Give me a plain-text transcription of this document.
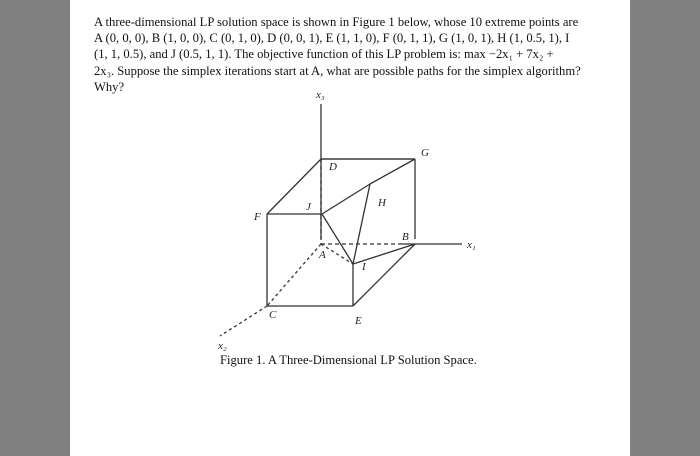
A three-dimensional LP solution space is shown in Figure 1 below, whose 10 extreme points are
A (0, 0, 0), B (1, 0, 0), C (0, 1, 0), D (0, 0, 1), E (1, 1, 0), F (0, 1, 1), G (1, 0, 1), H (1, 0.5, 1), I
(1, 1, 0.5), and J (0.5, 1, 1). The objective function of this LP problem is: max −2x₁ + 7x₂ +
2x₃. Suppose the simplex iterations start at A, what are possible paths for the simplex algorithm?
Why?
x₃
x₁
x₂
A
B
C
D
E
F
G
H
I
J
Figure 1. A Three-Dimensional LP Solution Space.
